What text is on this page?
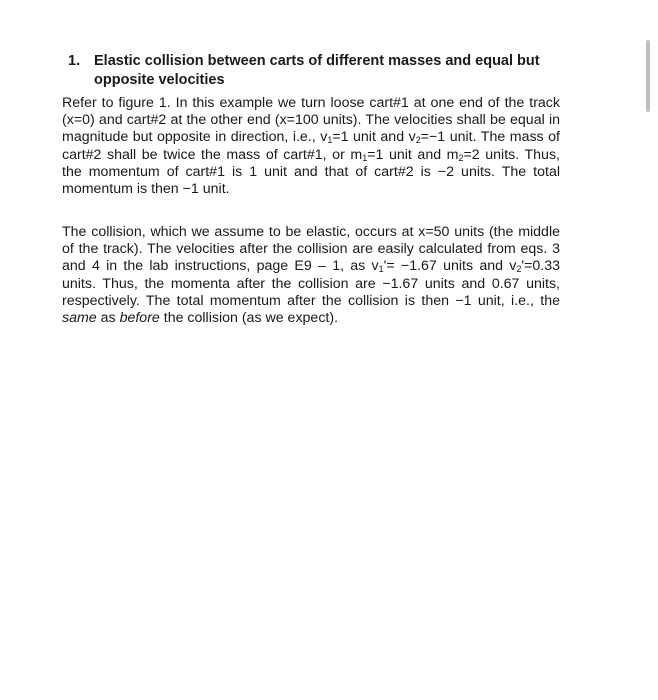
1. Elastic collision between carts of different masses and equal but opposite velocities

Refer to figure 1. In this example we turn loose cart#1 at one end of the track (x=0) and cart#2 at the other end (x=100 units). The velocities shall be equal in magnitude but opposite in direction, i.e., $v_1=1$ unit and $v_2=-1$ unit. The mass of cart#2 shall be twice the mass of cart#1, or $m_1=1$ unit and $m_2=2$ units. Thus, the momentum of cart#1 is 1 unit and that of cart#2 is −2 units. The total momentum is then −1 unit.

The collision, which we assume to be elastic, occurs at x=50 units (the middle of the track). The velocities after the collision are easily calculated from eqs. 3 and 4 in the lab instructions, page E9 – 1, as $v_1'= -1.67$ units and $v_2'=0.33$ units. Thus, the momenta after the collision are −1.67 units and 0.67 units, respectively. The total momentum after the collision is then −1 unit, i.e., the same as before the collision (as we expect).
